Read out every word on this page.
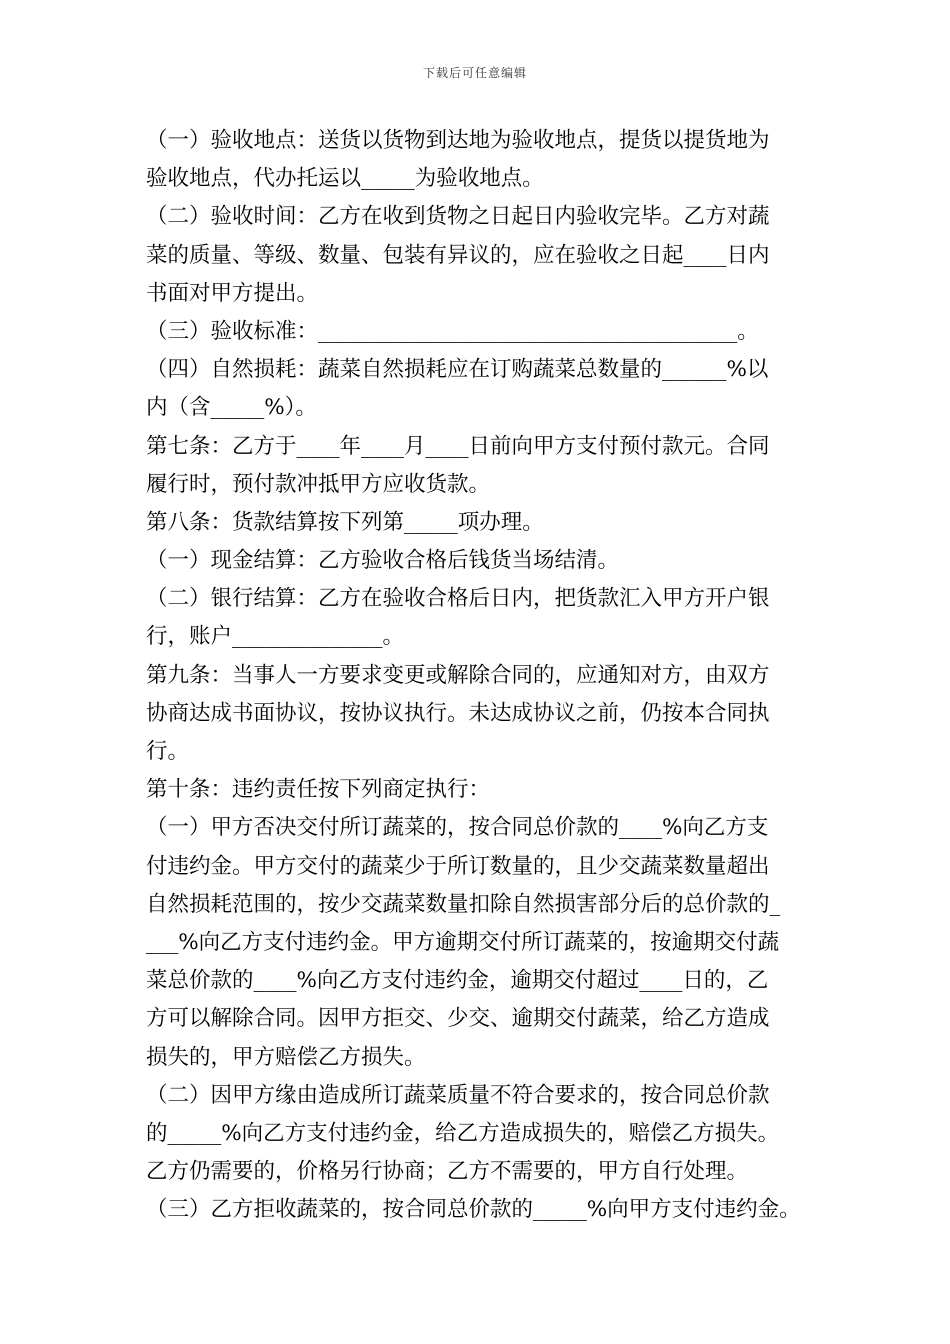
下载后可任意编辑
（一）验收地点：送货以货物到达地为验收地点，提货以提货地为
验收地点，代办托运以_____为验收地点。
（二）验收时间：乙方在收到货物之日起日内验收完毕。乙方对蔬
菜的质量、等级、数量、包装有异议的，应在验收之日起____日内
书面对甲方提出。
（三）验收标准：_______________________________________。
（四）自然损耗：蔬菜自然损耗应在订购蔬菜总数量的______%以
内（含_____%）。
第七条：乙方于____年____月____日前向甲方支付预付款元。合同
履行时，预付款冲抵甲方应收货款。
第八条：货款结算按下列第_____项办理。
（一）现金结算：乙方验收合格后钱货当场结清。
（二）银行结算：乙方在验收合格后日内，把货款汇入甲方开户银
行，账户______________。
第九条：当事人一方要求变更或解除合同的，应通知对方，由双方
协商达成书面协议，按协议执行。未达成协议之前，仍按本合同执
行。
第十条：违约责任按下列商定执行：
（一）甲方否决交付所订蔬菜的，按合同总价款的____%向乙方支
付违约金。甲方交付的蔬菜少于所订数量的，且少交蔬菜数量超出
自然损耗范围的，按少交蔬菜数量扣除自然损害部分后的总价款的_
___%向乙方支付违约金。甲方逾期交付所订蔬菜的，按逾期交付蔬
菜总价款的____%向乙方支付违约金，逾期交付超过____日的，乙
方可以解除合同。因甲方拒交、少交、逾期交付蔬菜，给乙方造成
损失的，甲方赔偿乙方损失。
（二）因甲方缘由造成所订蔬菜质量不符合要求的，按合同总价款
的_____%向乙方支付违约金，给乙方造成损失的，赔偿乙方损失。
乙方仍需要的，价格另行协商；乙方不需要的，甲方自行处理。
（三）乙方拒收蔬菜的，按合同总价款的_____%向甲方支付违约金。
